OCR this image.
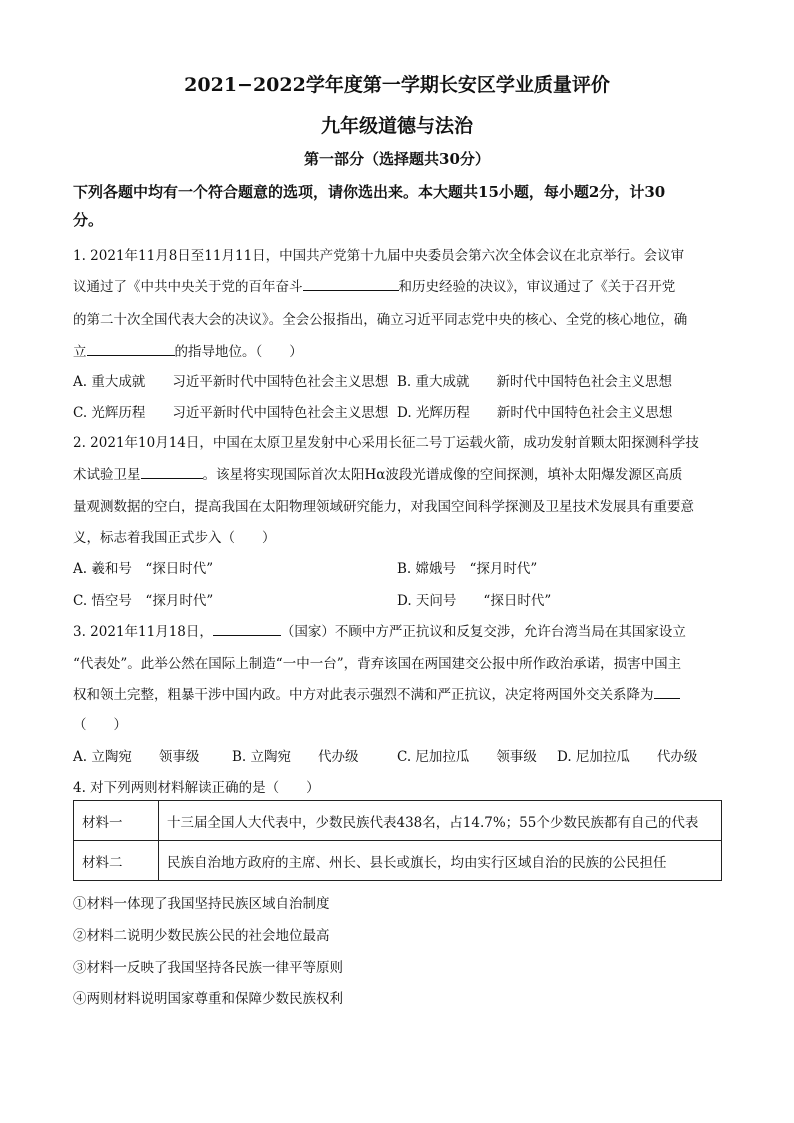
2021−2022学年度第一学期长安区学业质量评价
九年级道德与法治
第一部分（选择题共30分）
下列各题中均有一个符合题意的选项，请你选出来。本大题共15小题，每小题2分，计30
分。
1. 2021年11月8日至11月11日，中国共产党第十九届中央委员会第六次全体会议在北京举行。会议审
议通过了《中共中央关于党的百年奋斗	和历史经验的决议》，审议通过了《关于召开党
的第二十次全国代表大会的决议》。全会公报指出，确立习近平同志党中央的核心、全党的核心地位，确
立	的指导地位。（　　）
A. 重大成就　　习近平新时代中国特色社会主义思想 B. 重大成就　　新时代中国特色社会主义思想
C. 光辉历程　　习近平新时代中国特色社会主义思想 D. 光辉历程　　新时代中国特色社会主义思想
2. 2021年10月14日，中国在太原卫星发射中心采用长征二号丁运载火箭，成功发射首颗太阳探测科学技
术试验卫星	。该星将实现国际首次太阳Hα波段光谱成像的空间探测，填补太阳爆发源区高质
量观测数据的空白，提高我国在太阳物理领域研究能力，对我国空间科学探测及卫星技术发展具有重要意
义，标志着我国正式步入（　　）
A. 羲和号　“探日时代”	B. 嫦娥号　“探月时代”
C. 悟空号　“探月时代”	D. 天问号　　“探日时代”
3. 2021年11月18日，	（国家）不顾中方严正抗议和反复交涉，允许台湾当局在其国家设立
“代表处”。此举公然在国际上制造“一中一台”，背弃该国在两国建交公报中所作政治承诺，损害中国主
权和领土完整，粗暴干涉中国内政。中方对此表示强烈不满和严正抗议，决定将两国外交关系降为
（　　）
A. 立陶宛　　领事级 B. 立陶宛　　代办级	C. 尼加拉瓜　　领事级 D. 尼加拉瓜　　代办级
4. 对下列两则材料解读正确的是（　　）
材料一	十三届全国人大代表中，少数民族代表438名，占14.7%；55个少数民族都有自己的代表
材料二	民族自治地方政府的主席、州长、县长或旗长，均由实行区域自治的民族的公民担任
①材料一体现了我国坚持民族区域自治制度
②材料二说明少数民族公民的社会地位最高
③材料一反映了我国坚持各民族一律平等原则
④两则材料说明国家尊重和保障少数民族权利
